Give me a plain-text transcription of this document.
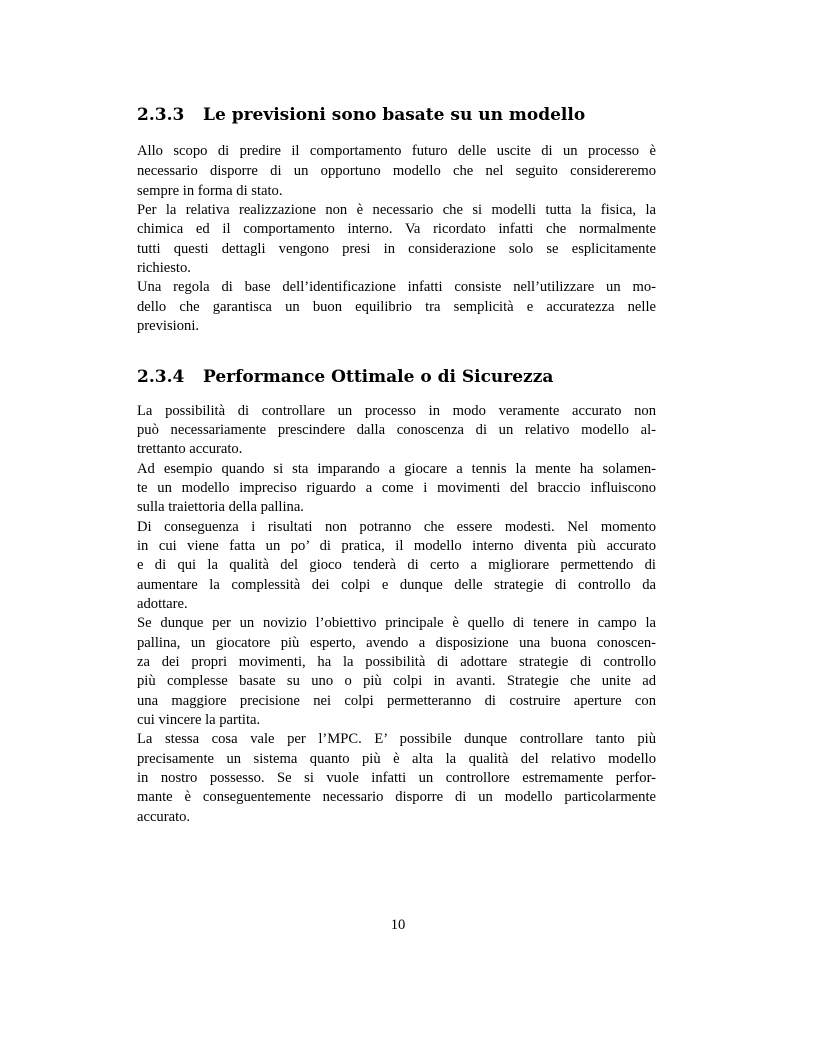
2.3.3 Le previsioni sono basate su un modello
Allo scopo di predire il comportamento futuro delle uscite di un processo è
necessario disporre di un opportuno modello che nel seguito considereremo
sempre in forma di stato.
Per la relativa realizzazione non è necessario che si modelli tutta la fisica, la
chimica ed il comportamento interno. Va ricordato infatti che normalmente
tutti questi dettagli vengono presi in considerazione solo se esplicitamente
richiesto.
Una regola di base dell’identificazione infatti consiste nell’utilizzare un mo-
dello che garantisca un buon equilibrio tra semplicità e accuratezza nelle
previsioni.
2.3.4 Performance Ottimale o di Sicurezza
La possibilità di controllare un processo in modo veramente accurato non
può necessariamente prescindere dalla conoscenza di un relativo modello al-
trettanto accurato.
Ad esempio quando si sta imparando a giocare a tennis la mente ha solamen-
te un modello impreciso riguardo a come i movimenti del braccio influiscono
sulla traiettoria della pallina.
Di conseguenza i risultati non potranno che essere modesti. Nel momento
in cui viene fatta un po’ di pratica, il modello interno diventa più accurato
e di qui la qualità del gioco tenderà di certo a migliorare permettendo di
aumentare la complessità dei colpi e dunque delle strategie di controllo da
adottare.
Se dunque per un novizio l’obiettivo principale è quello di tenere in campo la
pallina, un giocatore più esperto, avendo a disposizione una buona conoscen-
za dei propri movimenti, ha la possibilità di adottare strategie di controllo
più complesse basate su uno o più colpi in avanti. Strategie che unite ad
una maggiore precisione nei colpi permetteranno di costruire aperture con
cui vincere la partita.
La stessa cosa vale per l’MPC. E’ possibile dunque controllare tanto più
precisamente un sistema quanto più è alta la qualità del relativo modello
in nostro possesso. Se si vuole infatti un controllore estremamente perfor-
mante è conseguentemente necessario disporre di un modello particolarmente
accurato.
10
